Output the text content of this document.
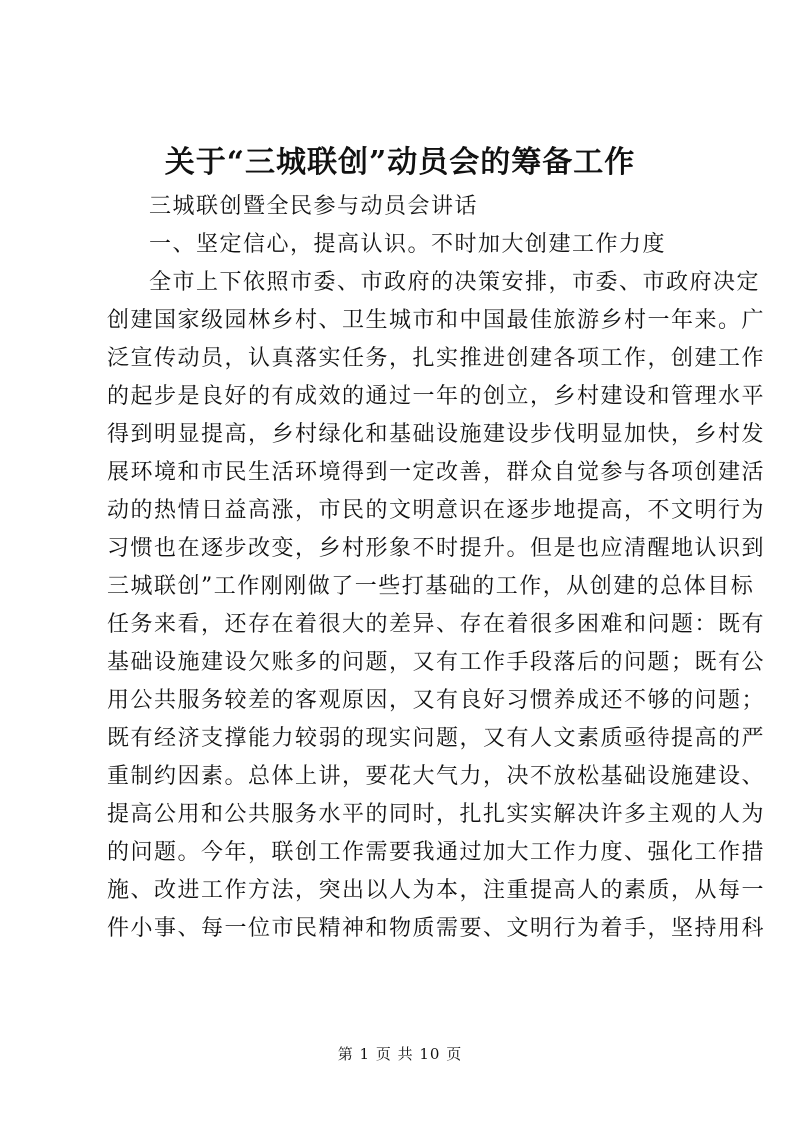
关于“三城联创”动员会的筹备工作
三城联创暨全民参与动员会讲话
一、坚定信心，提高认识。不时加大创建工作力度
全市上下依照市委、市政府的决策安排，市委、市政府决定
创建国家级园林乡村、卫生城市和中国最佳旅游乡村一年来。广
泛宣传动员，认真落实任务，扎实推进创建各项工作，创建工作
的起步是良好的有成效的通过一年的创立，乡村建设和管理水平
得到明显提高，乡村绿化和基础设施建设步伐明显加快，乡村发
展环境和市民生活环境得到一定改善，群众自觉参与各项创建活
动的热情日益高涨，市民的文明意识在逐步地提高，不文明行为
习惯也在逐步改变，乡村形象不时提升。但是也应清醒地认识到
三城联创”工作刚刚做了一些打基础的工作，从创建的总体目标
任务来看，还存在着很大的差异、存在着很多困难和问题：既有
基础设施建设欠账多的问题，又有工作手段落后的问题；既有公
用公共服务较差的客观原因，又有良好习惯养成还不够的问题；
既有经济支撑能力较弱的现实问题，又有人文素质亟待提高的严
重制约因素。总体上讲，要花大气力，决不放松基础设施建设、
提高公用和公共服务水平的同时，扎扎实实解决许多主观的人为
的问题。今年，联创工作需要我通过加大工作力度、强化工作措
施、改进工作方法，突出以人为本，注重提高人的素质，从每一
件小事、每一位市民精神和物质需要、文明行为着手，坚持用科
第 1 页 共 10 页
